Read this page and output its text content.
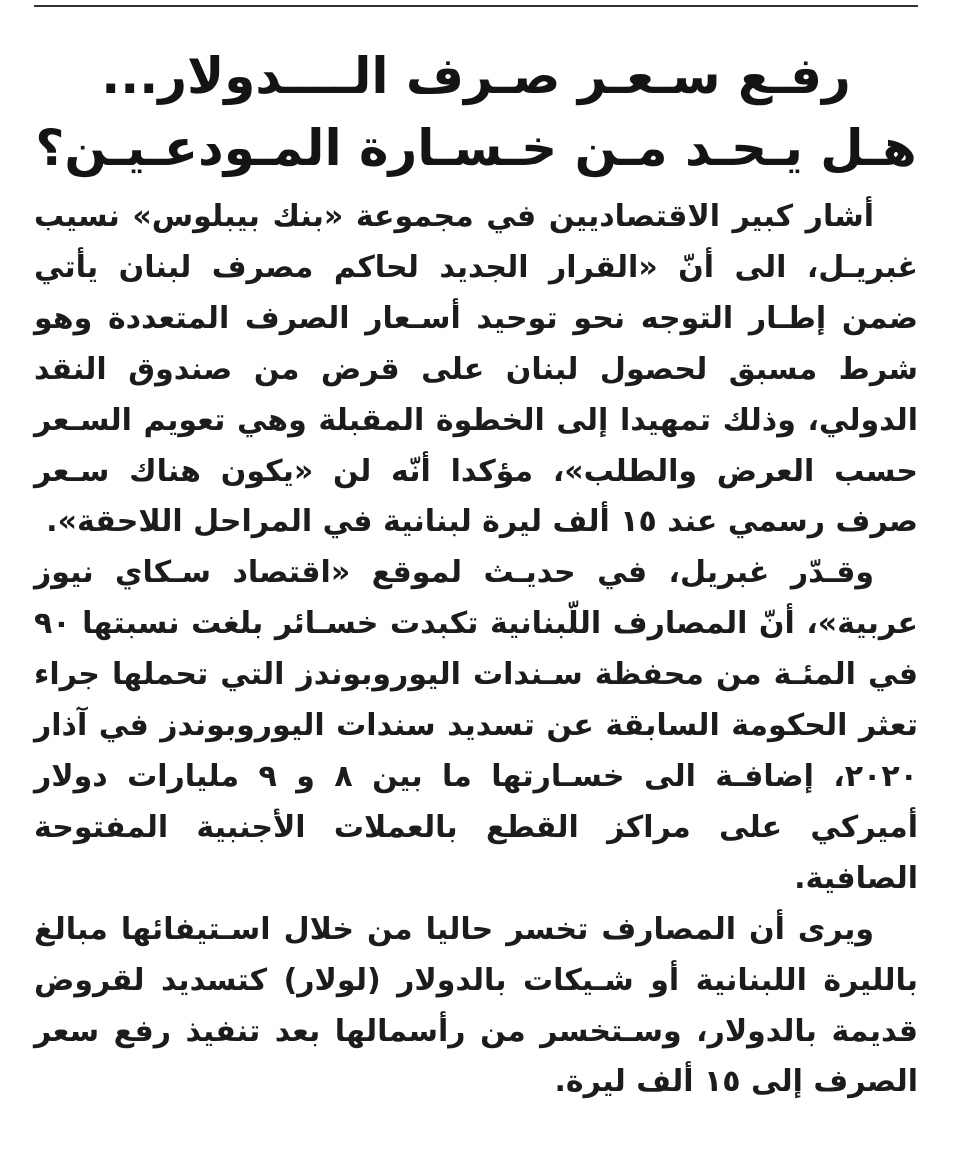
رفـع سـعـر صـرف الــــدولار...
هـل يـحـد مـن خـسـارة المـودعـيـن؟

أشار كبير الاقتصاديين في مجموعة «بنك بيبلوس» نسيب غبريـل، الى أنّ «القرار الجديد لحاكم مصرف لبنان يأتي ضمن إطـار التوجه نحو توحيد أسـعار الصرف المتعددة وهو شرط مسبق لحصول لبنان على قرض من صندوق النقد الدولي، وذلك تمهيدا إلى الخطوة المقبلة وهي تعويم السـعر حسب العرض والطلب»، مؤكدا أنّه لن «يكون هناك سـعر صرف رسمي عند ١٥ ألف ليرة لبنانية في المراحل اللاحقة».

وقـدّر غبريل، في حديـث لموقع «اقتصاد سـكاي نيوز عربية»، أنّ المصارف اللّبنانية تكبدت خسـائر بلغت نسبتها ٩٠ في المئـة من محفظة سـندات اليوروبوندز التي تحملها جراء تعثر الحكومة السابقة عن تسديد سندات اليوروبوندز في آذار ٢٠٢٠، إضافـة الى خسـارتها ما بين ٨ و ٩ مليارات دولار أميركي على مراكز القطع بالعملات الأجنبية المفتوحة الصافية.

ويرى أن المصارف تخسر حاليا من خلال اسـتيفائها مبالغ بالليرة اللبنانية أو شـيكات بالدولار (لولار) كتسديد لقروض قديمة بالدولار، وسـتخسر من رأسمالها بعد تنفيذ رفع سعر الصرف إلى ١٥ ألف ليرة.
